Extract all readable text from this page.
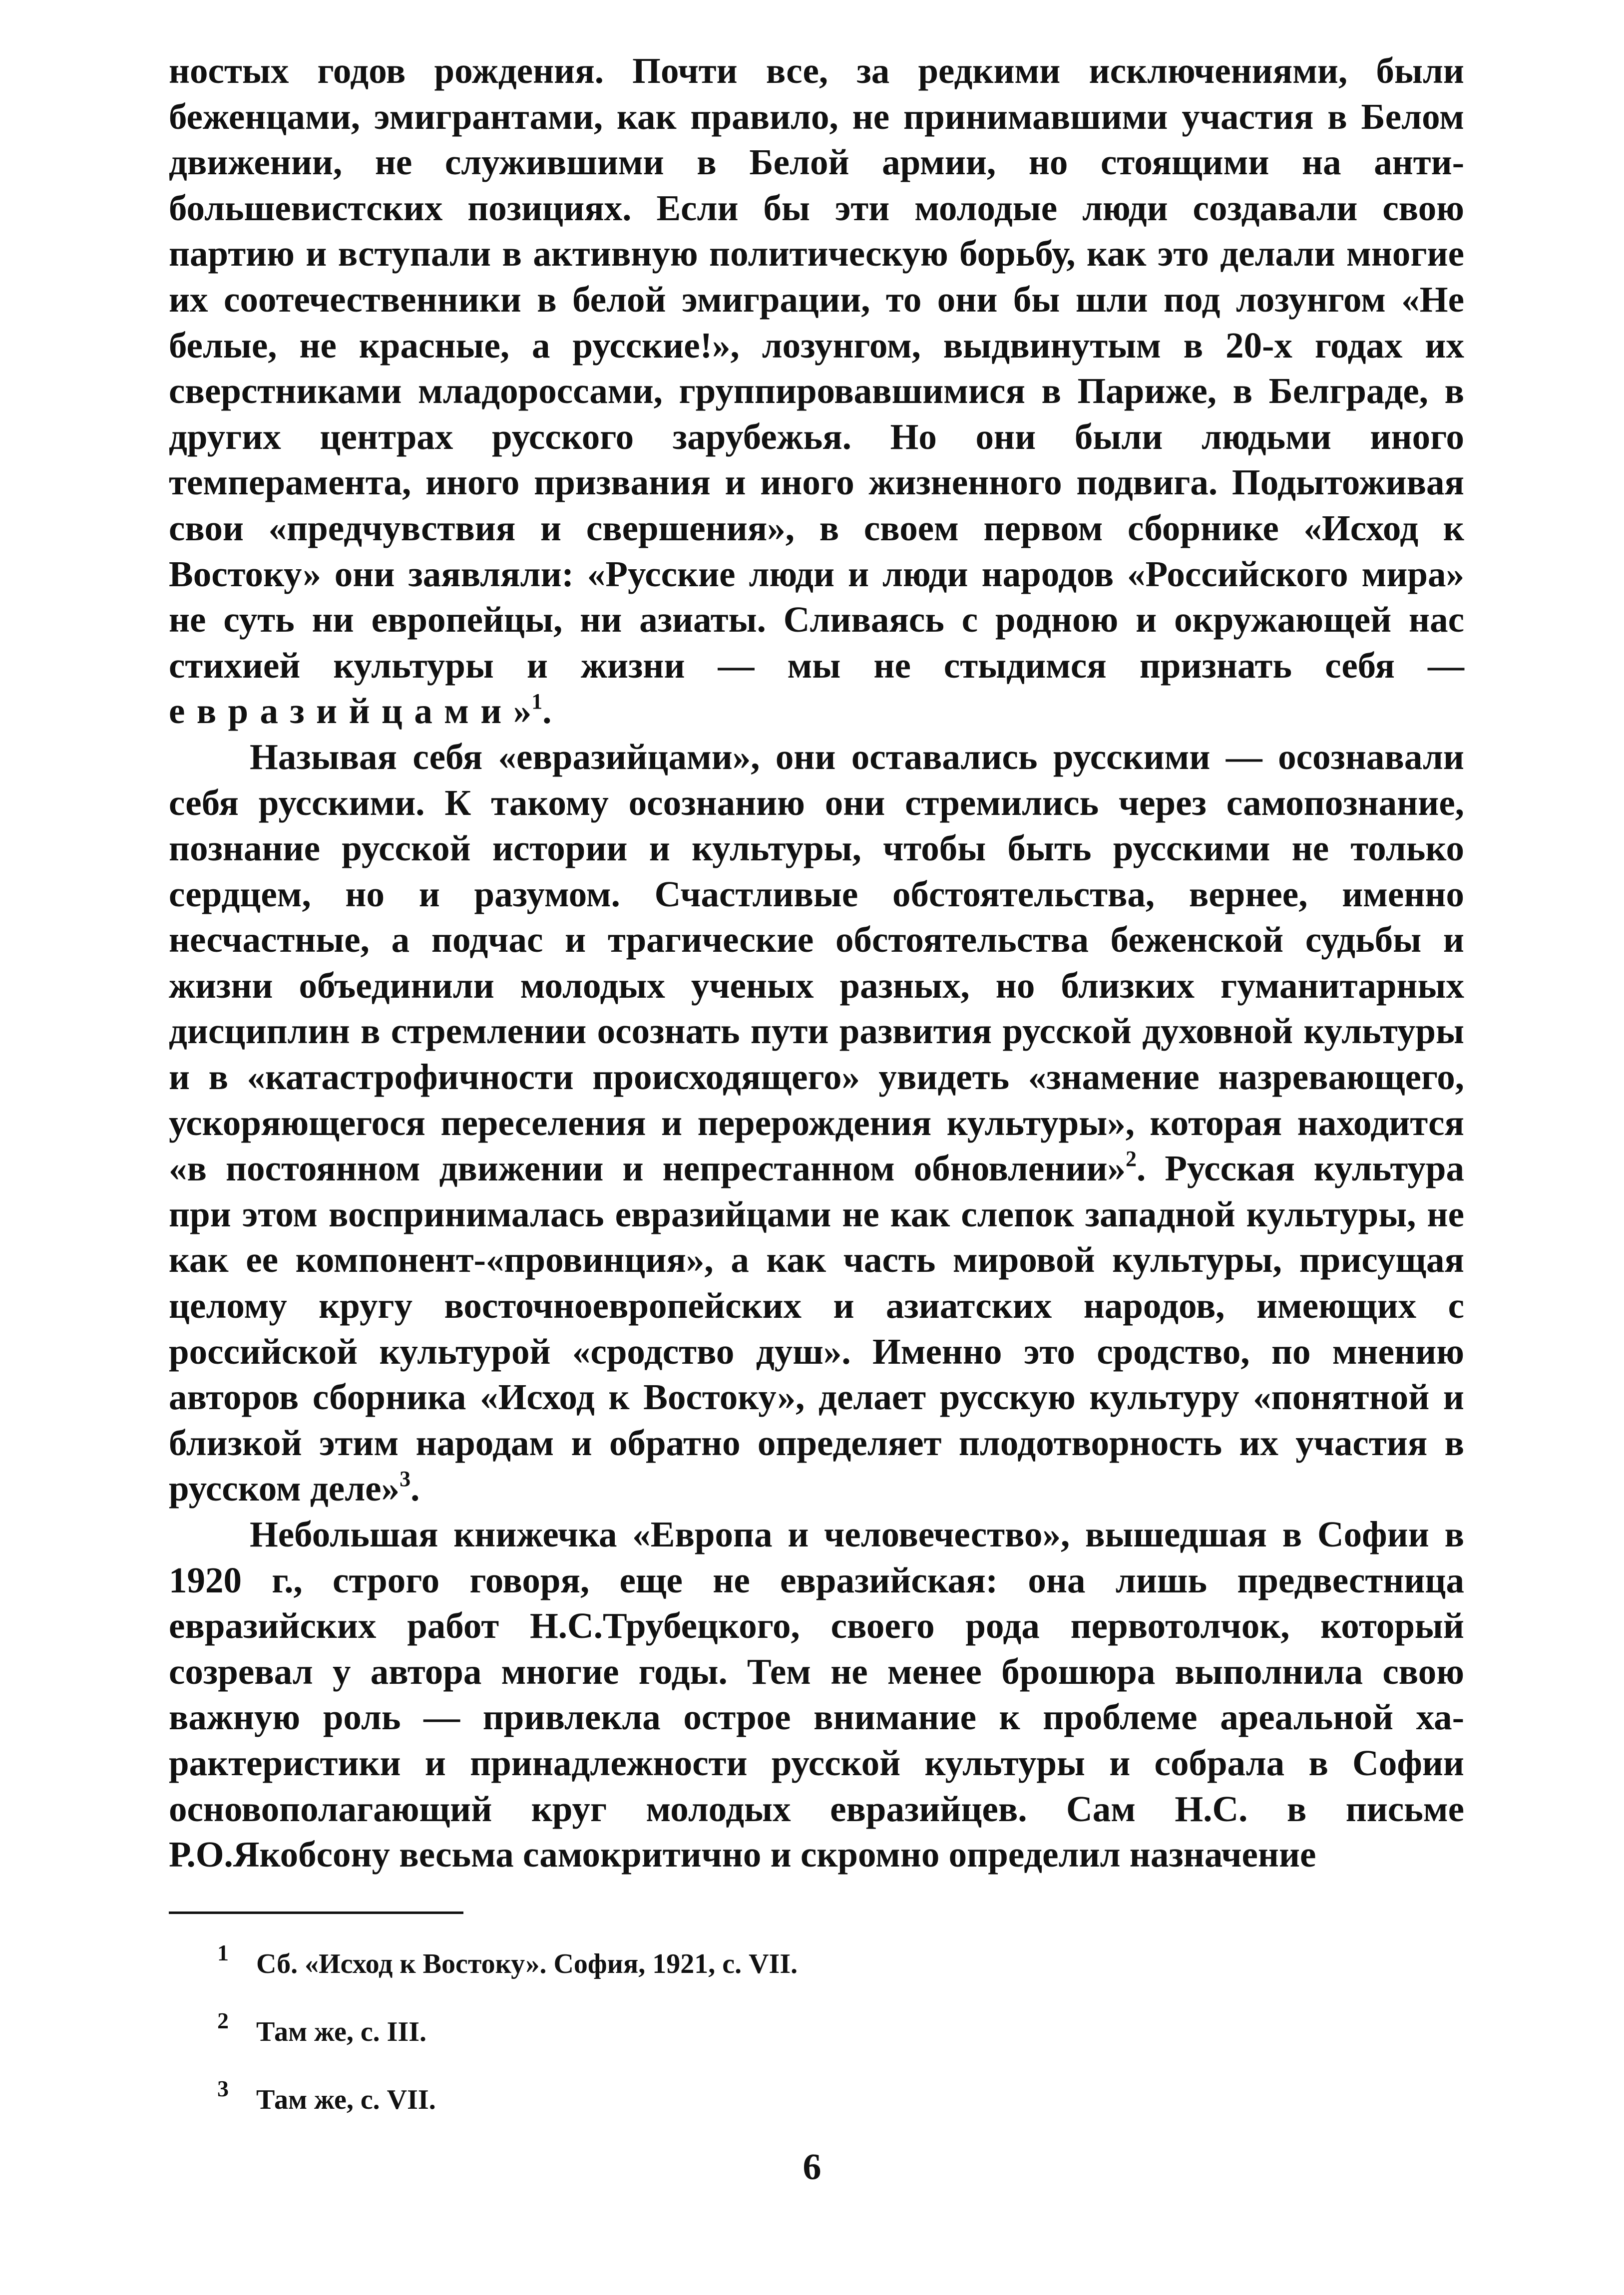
ностых годов рождения. Почти все, за редкими исключениями, были беженцами, эмигрантами, как правило, не принимавшими участия в Белом движении, не служившими в Белой армии, но стоящими на антибольшевистских позициях. Если бы эти молодые люди создавали свою партию и вступали в активную политическую борьбу, как это делали многие их соотечественники в белой эмиграции, то они бы шли под лозунгом «Не белые, не красные, а русские!», лозунгом, выдвинутым в 20-х годах их сверстниками младороссами, группировавшимися в Париже, в Белграде, в других центрах русского зарубежья. Но они были людьми иного темперамента, иного призвания и иного жизненного подвига. Подытоживая свои «предчувствия и свершения», в своем первом сборнике «Исход к Востоку» они заявляли: «Русские люди и люди народов «Российского мира» не суть ни европейцы, ни азиаты. Сливаясь с родною и окружающей нас стихией культуры и жизни — мы не стыдимся признать себя — евразийцами»$^1$.

Называя себя «евразийцами», они оставались русскими — осознавали себя русскими. К такому осознанию они стремились через самопознание, познание русской истории и культуры, чтобы быть русскими не только сердцем, но и разумом. Счастливые обстоятельства, вернее, именно несчастные, а подчас и трагические обстоятельства беженской судьбы и жизни объединили молодых ученых разных, но близких гуманитарных дисциплин в стремлении осознать пути развития русской духовной культуры и в «катастрофичности происходящего» увидеть «знамение назревающего, ускоряющегося переселения и перерождения культуры», которая находится «в постоянном движении и непрестанном обновлении»$^2$. Русская культура при этом воспринималась евразийцами не как слепок западной культуры, не как ее компонент-«провинция», а как часть мировой культуры, присущая целому кругу восточноевропейских и азиатских народов, имеющих с российской культурой «сродство душ». Именно это сродство, по мнению авторов сборника «Исход к Востоку», делает русскую культуру «понятной и близкой этим народам и обратно определяет плодотворность их участия в русском деле»$^3$.

Небольшая книжечка «Европа и человечество», вышедшая в Софии в 1920 г., строго говоря, еще не евразийская: она лишь предвестница евразийских работ Н.С.Трубецкого, своего рода первотолчок, который созревал у автора многие годы. Тем не менее брошюра выполнила свою важную роль — привлекла острое внимание к проблеме ареальной характеристики и принадлежности русской культуры и собрала в Софии основополагающий круг молодых евразийцев. Сам Н.С. в письме Р.О.Якобсону весьма самокритично и скромно определил назначение

1 Сб. «Исход к Востоку». София, 1921, с. VII.
2 Там же, с. III.
3 Там же, с. VII.
6
